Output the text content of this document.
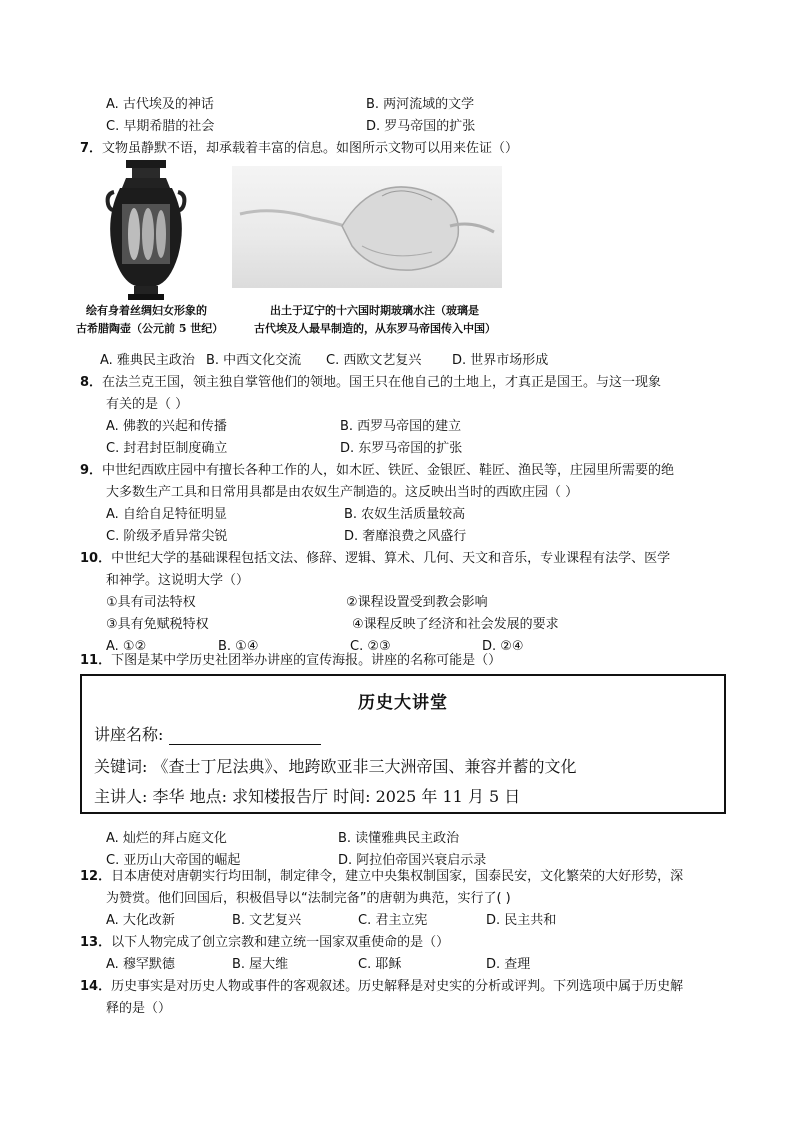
A. 古代埃及的神话	B. 两河流域的文学
C. 早期希腊的社会	D. 罗马帝国的扩张
7．文物虽静默不语，却承载着丰富的信息。如图所示文物可以用来佐证（）
绘有身着丝绸妇女形象的
古希腊陶壶（公元前 5 世纪）
出土于辽宁的十六国时期玻璃水注（玻璃是
古代埃及人最早制造的，从东罗马帝国传入中国）
A. 雅典民主政治 B. 中西文化交流 C. 西欧文艺复兴 D. 世界市场形成
8．在法兰克王国，领主独自掌管他们的领地。国王只在他自己的土地上，才真正是国王。与这一现象
有关的是（ ）
A. 佛教的兴起和传播	B. 西罗马帝国的建立
C. 封君封臣制度确立	D. 东罗马帝国的扩张
9．中世纪西欧庄园中有擅长各种工作的人，如木匠、铁匠、金银匠、鞋匠、渔民等，庄园里所需要的绝
大多数生产工具和日常用具都是由农奴生产制造的。这反映出当时的西欧庄园（ ）
A. 自给自足特征明显	B. 农奴生活质量较高
C. 阶级矛盾异常尖锐	D. 奢靡浪费之风盛行
10．中世纪大学的基础课程包括文法、修辞、逻辑、算术、几何、天文和音乐，专业课程有法学、医学
和神学。这说明大学（）
①具有司法特权	②课程设置受到教会影响
③具有免赋税特权	④课程反映了经济和社会发展的要求
A. ①②	B. ①④	C. ②③	D. ②④
11．下图是某中学历史社团举办讲座的宣传海报。讲座的名称可能是（）
历史大讲堂
讲座名称:
关键词: 《查士丁尼法典》、地跨欧亚非三大洲帝国、兼容并蓄的文化
主讲人: 李华 地点: 求知楼报告厅 时间: 2025 年 11 月 5 日
A. 灿烂的拜占庭文化	B. 读懂雅典民主政治
C. 亚历山大帝国的崛起	D. 阿拉伯帝国兴衰启示录
12．日本唐使对唐朝实行均田制，制定律令，建立中央集权制国家，国泰民安，文化繁荣的大好形势，深
为赞赏。他们回国后，积极倡导以“法制完备”的唐朝为典范，实行了( )
A. 大化改新	B. 文艺复兴	C. 君主立宪	D. 民主共和
13．以下人物完成了创立宗教和建立统一国家双重使命的是（）
A. 穆罕默德	B. 屋大维	C. 耶稣	D. 查理
14．历史事实是对历史人物或事件的客观叙述。历史解释是对史实的分析或评判。下列选项中属于历史解
释的是（）
